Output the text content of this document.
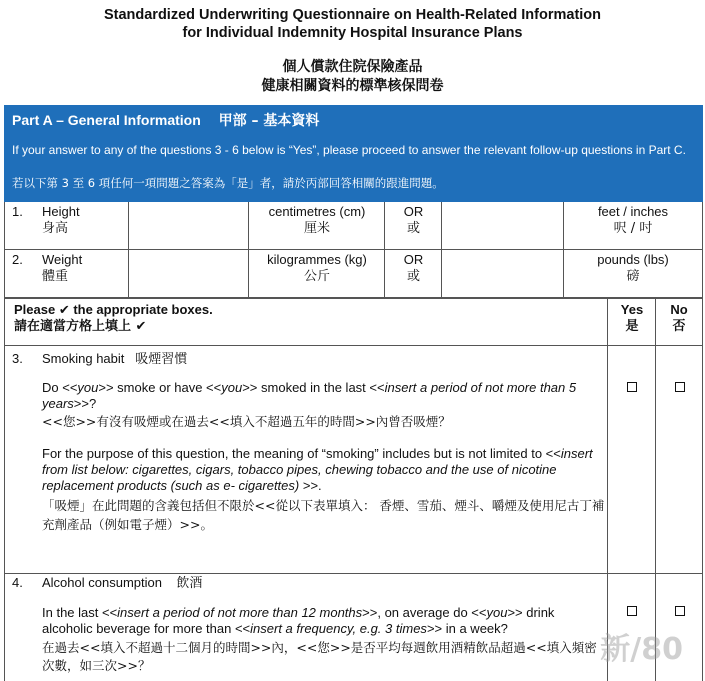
Standardized Underwriting Questionnaire on Health-Related Information
for Individual Indemnity Hospital Insurance Plans
個人償款住院保險產品
健康相關資料的標準核保問卷
Part A – General Information 甲部 – 基本資料
If your answer to any of the questions 3 - 6 below is “Yes”, please proceed to answer the relevant follow-up questions in Part C.
若以下第 3 至 6 項任何一項問題之答案為「是」者，請於丙部回答相關的跟進問題。
1. Height
身高
centimetres (cm)
厘米
OR
或
feet / inches
呎 / 吋
2. Weight
體重
kilogrammes (kg)
公斤
OR
或
pounds (lbs)
磅
Please ✔ the appropriate boxes.
請在適當方格上填上 ✔
Yes
是
No
否
3. Smoking habit 吸煙習慣
Do <<you>> smoke or have <<you>> smoked in the last <<insert a period of not more than 5 years>>?
<<您>>有沒有吸煙或在過去<<填入不超過五年的時間>>內曾否吸煙？
For the purpose of this question, the meaning of “smoking” includes but is not limited to <<insert from list below: cigarettes, cigars, tobacco pipes, chewing tobacco and the use of nicotine replacement products (such as e- cigarettes) >>.
「吸煙」在此問題的含義包括但不限於<<從以下表單填入： 香煙、雪茄、煙斗、嚼煙及使用尼古丁補充劑產品（例如電子煙）>>。
4. Alcohol consumption 飲酒
In the last <<insert a period of not more than 12 months>>, on average do <<you>> drink alcoholic beverage for more than <<insert a frequency, e.g. 3 times>> in a week?
在過去<<填入不超過十二個月的時間>>內，<<您>>是否平均每週飲用酒精飲品超過<<填入頻密次數，如三次>>？	新/80
